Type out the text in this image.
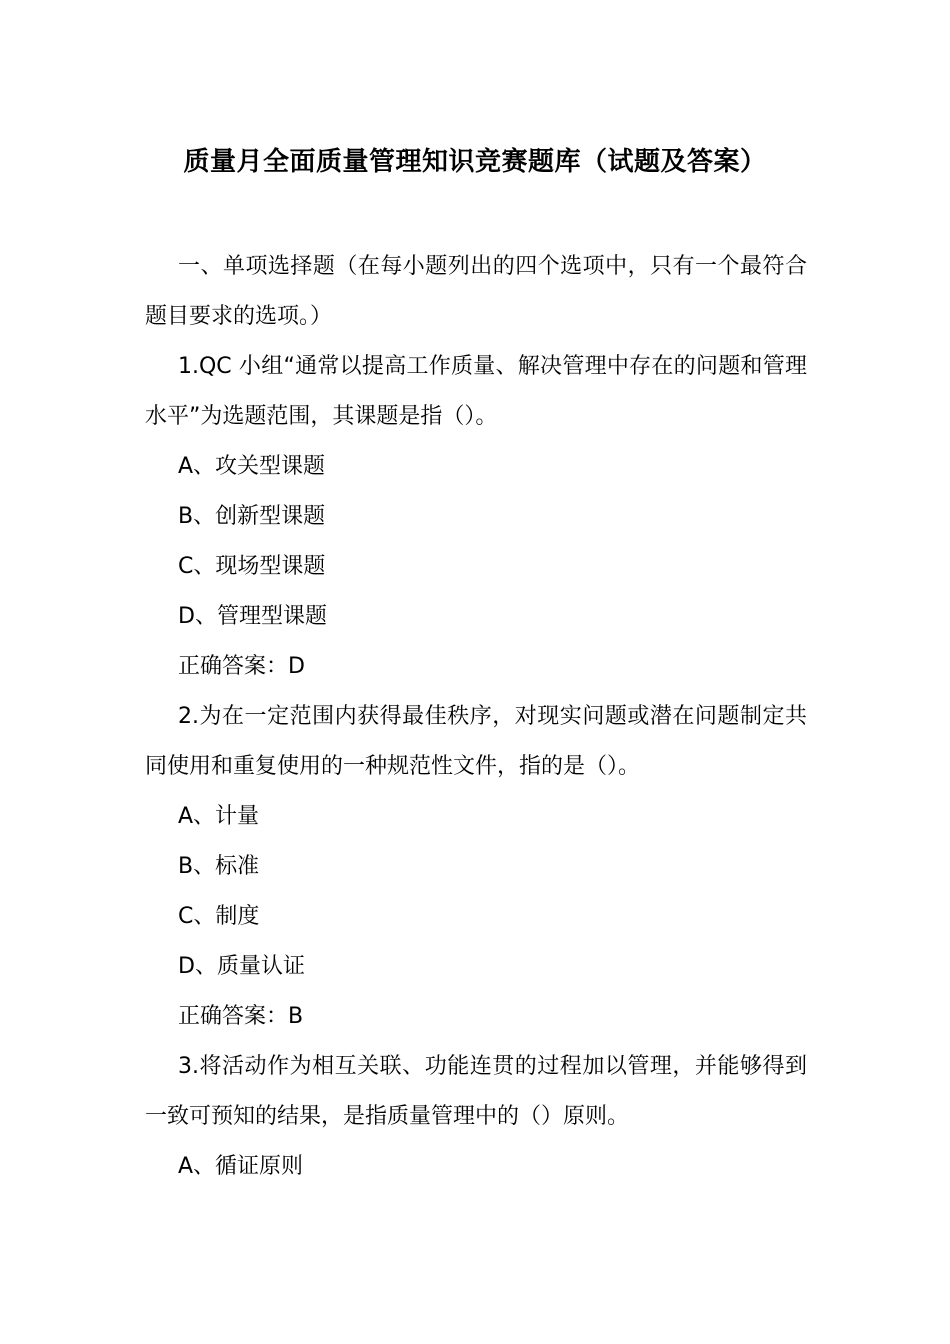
质量月全面质量管理知识竞赛题库（试题及答案）

一、单项选择题（在每小题列出的四个选项中，只有一个最符合题目要求的选项。）

1.QC 小组“通常以提高工作质量、解决管理中存在的问题和管理水平”为选题范围，其课题是指（）。

A、攻关型课题

B、创新型课题

C、现场型课题

D、管理型课题

正确答案：D

2.为在一定范围内获得最佳秩序，对现实问题或潜在问题制定共同使用和重复使用的一种规范性文件，指的是（）。

A、计量

B、标准

C、制度

D、质量认证

正确答案：B

3.将活动作为相互关联、功能连贯的过程加以管理，并能够得到一致可预知的结果，是指质量管理中的（）原则。

A、循证原则
